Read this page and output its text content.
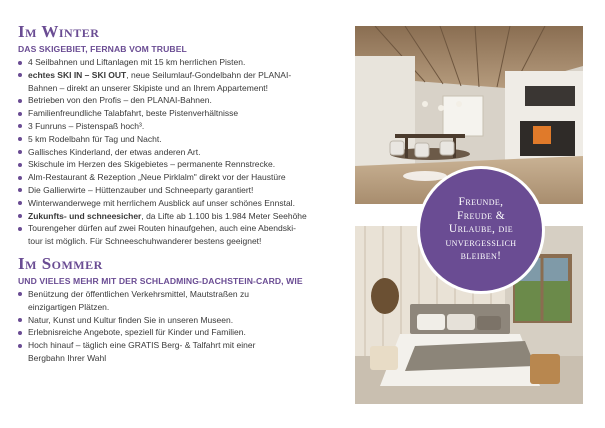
Im Winter
DAS SKIGEBIET, FERNAB VOM TRUBEL
4 Seilbahnen und Liftanlagen mit 15 km herrlichen Pisten.
echtes SKI IN – SKI OUT, neue Seilumlauf-Gondelbahn der PLANAI-
Bahnen – direkt an unserer Skipiste und an Ihrem Appartement!
Betrieben von den Profis – den PLANAI-Bahnen.
Familienfreundliche Talabfahrt, beste Pistenverhältnisse
3 Funruns – Pistenspaß hoch³.
5 km Rodelbahn für Tag und Nacht.
Gallisches Kinderland, der etwas anderen Art.
Skischule im Herzen des Skigebietes – permanente Rennstrecke.
Alm-Restaurant & Rezeption „Neue Pirklalm" direkt vor der Haustüre
Die Gallierwirte – Hüttenzauber und Schneeparty garantiert!
Winterwanderwege mit herrlichem Ausblick auf unser schönes Ennstal.
Zukunfts- und schneesicher, da Lifte ab 1.100 bis 1.984 Meter Seehöhe
Tourengeher dürfen auf zwei Routen hinaufgehen, auch eine Abendski-
tour ist möglich. Für Schneeschuhwanderer bestens geeignet!
Im Sommer
UND VIELES MEHR MIT DER SCHLADMING-DACHSTEIN-CARD, WIE
Benützung der öffentlichen Verkehrsmittel, Mautstraßen zu
einzigartigen Plätzen.
Natur, Kunst und Kultur finden Sie in unseren Museen.
Erlebnisreiche Angebote, speziell für Kinder und Familien.
Hoch hinauf – täglich eine GRATIS Berg- & Talfahrt mit einer
Bergbahn Ihrer Wahl
Freunde,
Freude &
Urlaube, die
unvergesslich
bleiben!
